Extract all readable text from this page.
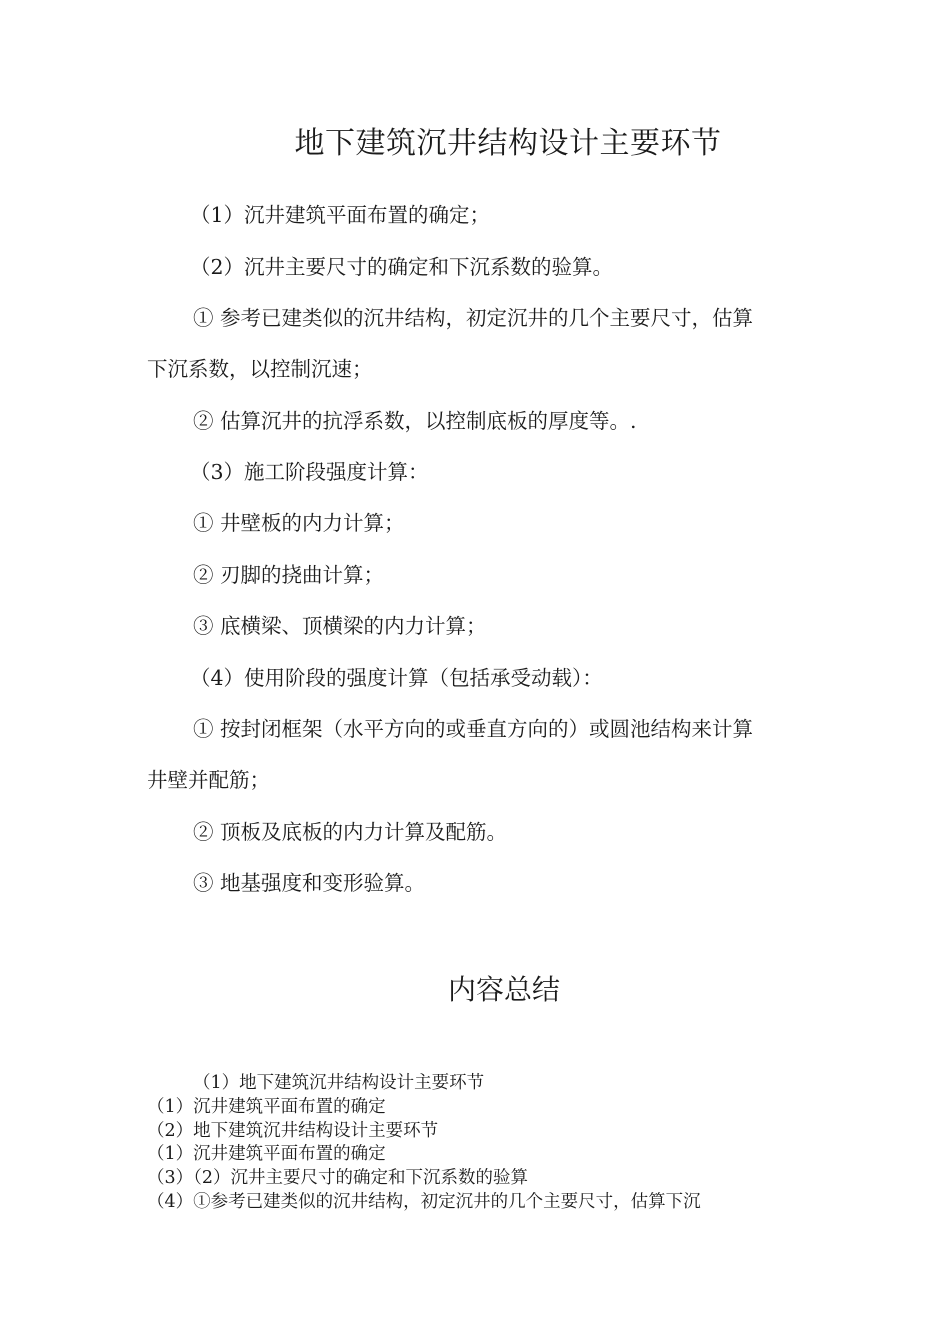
地下建筑沉井结构设计主要环节
（1）沉井建筑平面布置的确定；
（2）沉井主要尺寸的确定和下沉系数的验算。
① 参考已建类似的沉井结构，初定沉井的几个主要尺寸，估算
下沉系数，以控制沉速；
② 估算沉井的抗浮系数，以控制底板的厚度等。.
（3）施工阶段强度计算：
① 井壁板的内力计算；
② 刃脚的挠曲计算；
③ 底横梁、顶横梁的内力计算；
（4）使用阶段的强度计算（包括承受动载）：
① 按封闭框架（水平方向的或垂直方向的）或圆池结构来计算
井壁并配筋；
② 顶板及底板的内力计算及配筋。
③ 地基强度和变形验算。
内容总结
（1）地下建筑沉井结构设计主要环节
（1）沉井建筑平面布置的确定
（2）地下建筑沉井结构设计主要环节
（1）沉井建筑平面布置的确定
（3）（2）沉井主要尺寸的确定和下沉系数的验算
（4）①参考已建类似的沉井结构，初定沉井的几个主要尺寸，估算下沉
